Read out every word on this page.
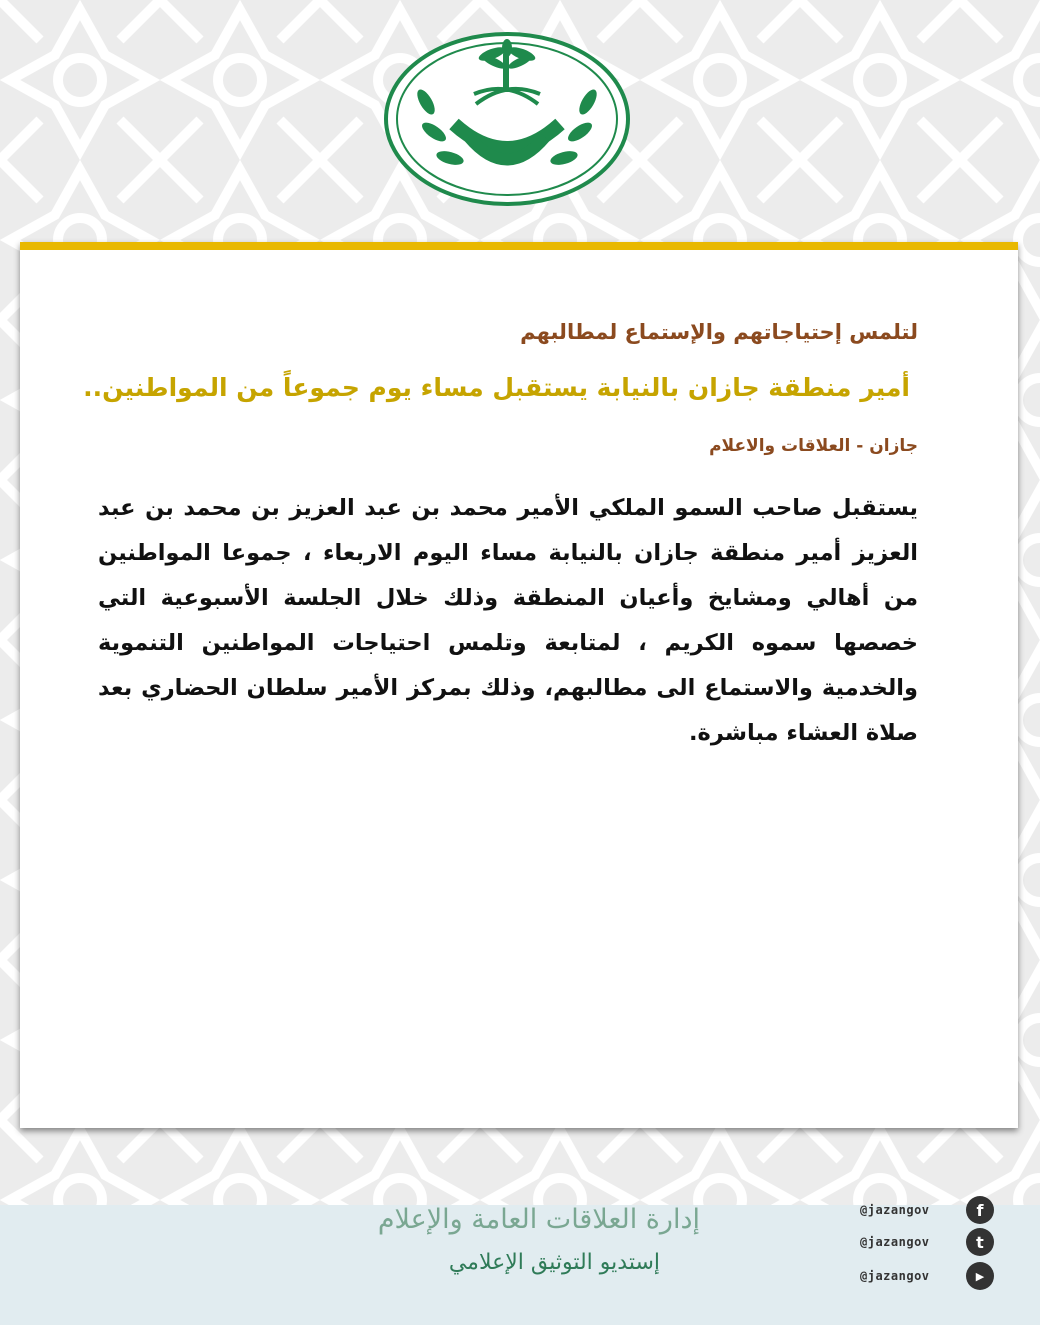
لتلمس إحتياجاتهم والإستماع لمطالبهم

أمير منطقة جازان بالنيابة يستقبل مساء يوم جموعاً من المواطنين..

جازان - العلاقات والاعلام

يستقبل صاحب السمو الملكي الأمير محمد بن عبد العزيز بن محمد بن عبد العزيز أمير منطقة جازان بالنيابة مساء اليوم الاربعاء ، جموعا المواطنين من أهالي ومشايخ وأعيان المنطقة وذلك خلال الجلسة الأسبوعية التي خصصها سموه الكريم ، لمتابعة وتلمس احتياجات المواطنين التنموية والخدمية والاستماع الى مطالبهم، وذلك بمركز الأمير سلطان الحضاري بعد صلاة العشاء مباشرة.

إدارة العلاقات العامة والإعلام
إستديو التوثيق الإعلامي
@jazangov	f
@jazangov	t
@jazangov	▶
